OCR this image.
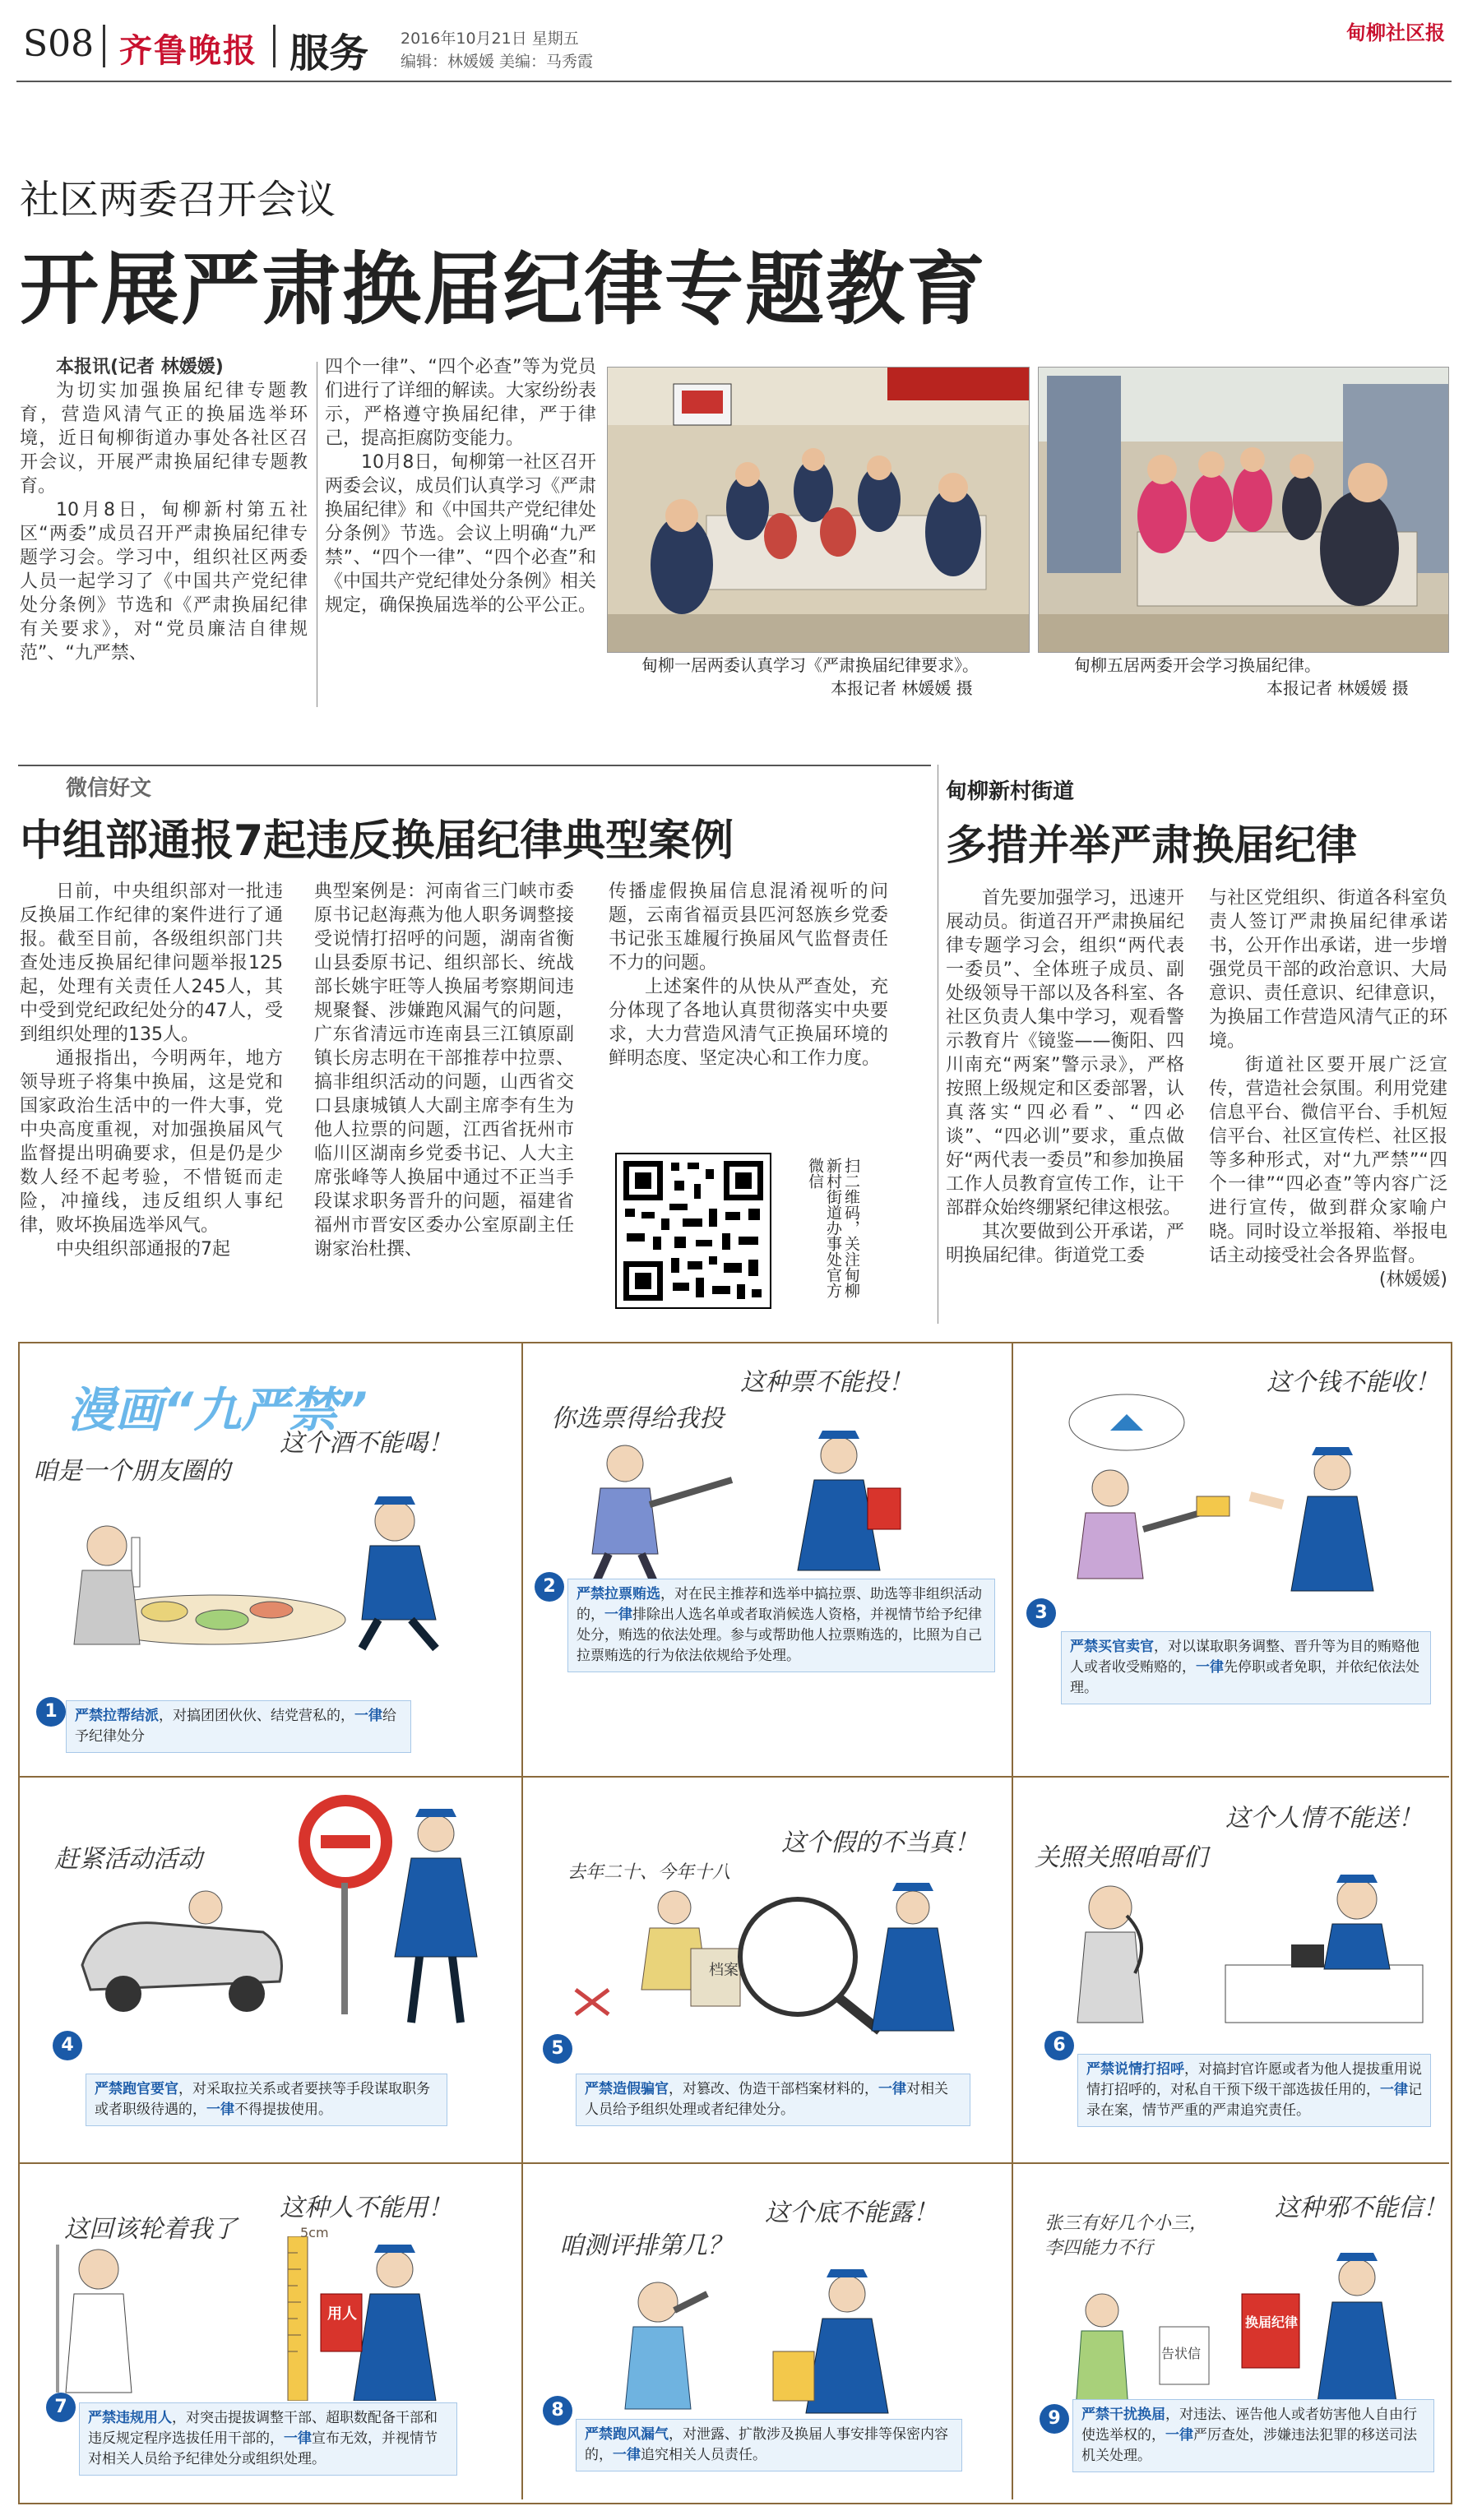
S08 齐鲁晚报 服务 2016年10月21日 星期五
编辑：林媛媛 美编：马秀霞
甸柳社区报
社区两委召开会议
开展严肃换届纪律专题教育
本报讯(记者 林媛媛)

为切实加强换届纪律专题教育，营造风清气正的换届选举环境，近日甸柳街道办事处各社区召开会议，开展严肃换届纪律专题教育。

10月8日，甸柳新村第五社区“两委”成员召开严肃换届纪律专题学习会。学习中，组织社区两委人员一起学习了《中国共产党纪律处分条例》节选和《严肃换届纪律有关要求》，对“党员廉洁自律规范”、“九严禁、

四个一律”、“四个必查”等为党员们进行了详细的解读。大家纷纷表示，严格遵守换届纪律，严于律己，提高拒腐防变能力。

10月8日，甸柳第一社区召开两委会议，成员们认真学习《严肃换届纪律》和《中国共产党纪律处分条例》节选。会议上明确“九严禁”、“四个一律”、“四个必查”和《中国共产党纪律处分条例》相关规定，确保换届选举的公平公正。

甸柳一居两委认真学习《严肃换届纪律要求》。
本报记者 林媛媛 摄
甸柳五居两委开会学习换届纪律。
本报记者 林媛媛 摄
微信好文
中组部通报7起违反换届纪律典型案例

日前，中央组织部对一批违反换届工作纪律的案件进行了通报。截至目前，各级组织部门共查处违反换届纪律问题举报125起，处理有关责任人245人，其中受到党纪政纪处分的47人，受到组织处理的135人。

通报指出，今明两年，地方领导班子将集中换届，这是党和国家政治生活中的一件大事，党中央高度重视，对加强换届风气监督提出明确要求，但是仍是少数人经不起考验，不惜铤而走险，冲撞线，违反组织人事纪律，败坏换届选举风气。

中央组织部通报的7起

典型案例是：河南省三门峡市委原书记赵海燕为他人职务调整接受说情打招呼的问题，湖南省衡山县委原书记、组织部长、统战部长姚宇旺等人换届考察期间违规聚餐、涉嫌跑风漏气的问题，广东省清远市连南县三江镇原副镇长房志明在干部推荐中拉票、搞非组织活动的问题，山西省交口县康城镇人大副主席李有生为他人拉票的问题，江西省抚州市临川区湖南乡党委书记、人大主席张峰等人换届中通过不正当手段谋求职务晋升的问题，福建省福州市晋安区委办公室原副主任谢家治杜撰、

传播虚假换届信息混淆视听的问题，云南省福贡县匹河怒族乡党委书记张玉雄履行换届风气监督责任不力的问题。

上述案件的从快从严查处，充分体现了各地认真贯彻落实中央要求，大力营造风清气正换届环境的鲜明态度、坚定决心和工作力度。

扫二维码，关注甸柳新村街道办事处官方微信
甸柳新村街道
多措并举严肃换届纪律

首先要加强学习，迅速开展动员。街道召开严肃换届纪律专题学习会，组织“两代表一委员”、全体班子成员、副处级领导干部以及各科室、各社区负责人集中学习，观看警示教育片《镜鉴——衡阳、四川南充“两案”警示录》，严格按照上级规定和区委部署，认真落实“四必看”、“四必谈”、“四必训”要求，重点做好“两代表一委员”和参加换届工作人员教育宣传工作，让干部群众始终绷紧纪律这根弦。

其次要做到公开承诺，严明换届纪律。街道党工委

与社区党组织、街道各科室负责人签订严肃换届纪律承诺书，公开作出承诺，进一步增强党员干部的政治意识、大局意识、责任意识、纪律意识，为换届工作营造风清气正的环境。

街道社区要开展广泛宣传，营造社会氛围。利用党建信息平台、微信平台、手机短信平台、社区宣传栏、社区报等多种形式，对“九严禁”“四个一律”“四必查”等内容广泛进行宣传，做到群众家喻户晓。同时设立举报箱、举报电话主动接受社会各界监督。

(林媛媛)
漫画“九严禁”
咱是一个朋友圈的
这个酒不能喝！
1	严禁拉帮结派，对搞团团伙伙、结党营私的，一律给予纪律处分
你选票得给我投
这种票不能投！
2	严禁拉票贿选，对在民主推荐和选举中搞拉票、助选等非组织活动的，一律排除出人选名单或者取消候选人资格，并视情节给予纪律处分，贿选的依法处理。参与或帮助他人拉票贿选的，比照为自己拉票贿选的行为依法依规给予处理。
这个钱不能收！
3
严禁买官卖官，对以谋取职务调整、晋升等为目的贿赂他人或者收受贿赂的，一律先停职或者免职，并依纪依法处理。
赶紧活动活动
4
严禁跑官要官，对采取拉关系或者要挟等手段谋取职务或者职级待遇的，一律不得提拔使用。
去年二十、今年十八
这个假的不当真！
档案
5
严禁造假骗官，对篡改、伪造干部档案材料的，一律对相关人员给予组织处理或者纪律处分。
关照关照咱哥们
这个人情不能送！
6
严禁说情打招呼，对搞封官许愿或者为他人提拔重用说情打招呼的，对私自干预下级干部选拔任用的，一律记录在案，情节严重的严肃追究责任。
这回该轮着我了
这种人不能用！
5cm
用人
7
严禁违规用人，对突击提拔调整干部、超职数配备干部和违反规定程序选拔任用干部的，一律宣布无效，并视情节对相关人员给予纪律处分或组织处理。
咱测评排第几？
这个底不能露！
8
严禁跑风漏气，对泄露、扩散涉及换届人事安排等保密内容的，一律追究相关人员责任。
张三有好几个小三，李四能力不行
这种邪不能信！
告状信
换届纪律
9	严禁干扰换届，对违法、诬告他人或者妨害他人自由行使选举权的，一律严厉查处，涉嫌违法犯罪的移送司法机关处理。
